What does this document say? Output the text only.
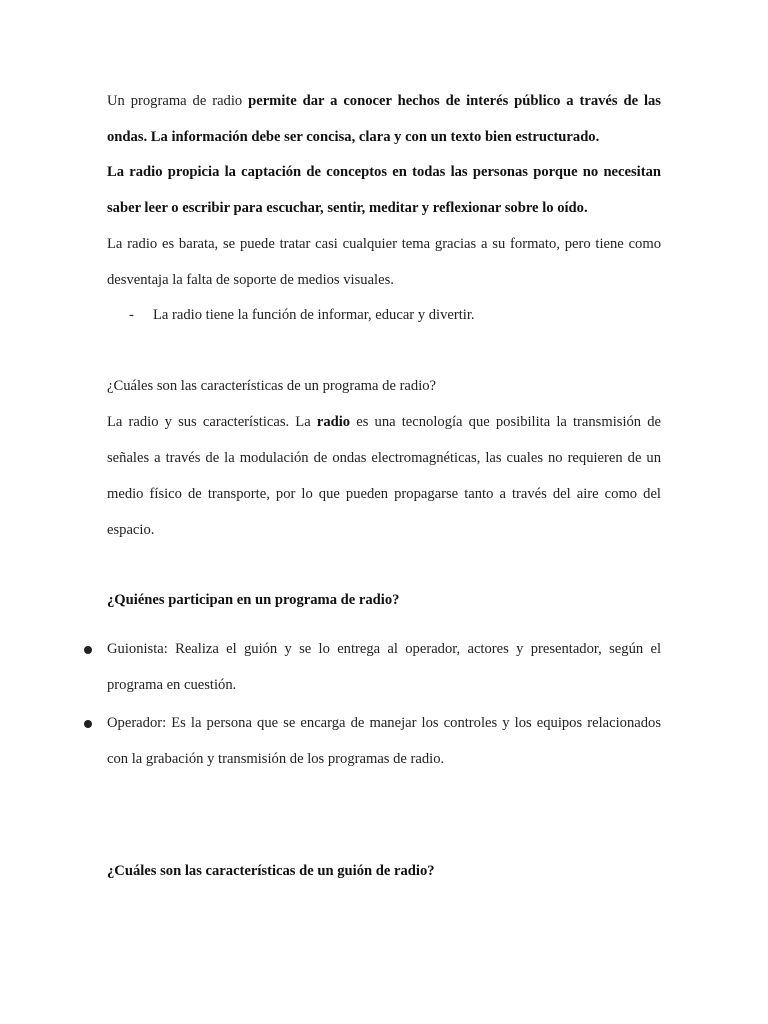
Un programa de radio permite dar a conocer hechos de interés público a través de las ondas. La información debe ser concisa, clara y con un texto bien estructurado.

La radio propicia la captación de conceptos en todas las personas porque no necesitan saber leer o escribir para escuchar, sentir, meditar y reflexionar sobre lo oído.

La radio es barata, se puede tratar casi cualquier tema gracias a su formato, pero tiene como desventaja la falta de soporte de medios visuales.

- La radio tiene la función de informar, educar y divertir.

¿Cuáles son las características de un programa de radio?

La radio y sus características. La radio es una tecnología que posibilita la transmisión de señales a través de la modulación de ondas electromagnéticas, las cuales no requieren de un medio físico de transporte, por lo que pueden propagarse tanto a través del aire como del espacio.

¿Quiénes participan en un programa de radio?

Guionista: Realiza el guión y se lo entrega al operador, actores y presentador, según el programa en cuestión.

Operador: Es la persona que se encarga de manejar los controles y los equipos relacionados con la grabación y transmisión de los programas de radio.

¿Cuáles son las características de un guión de radio?
